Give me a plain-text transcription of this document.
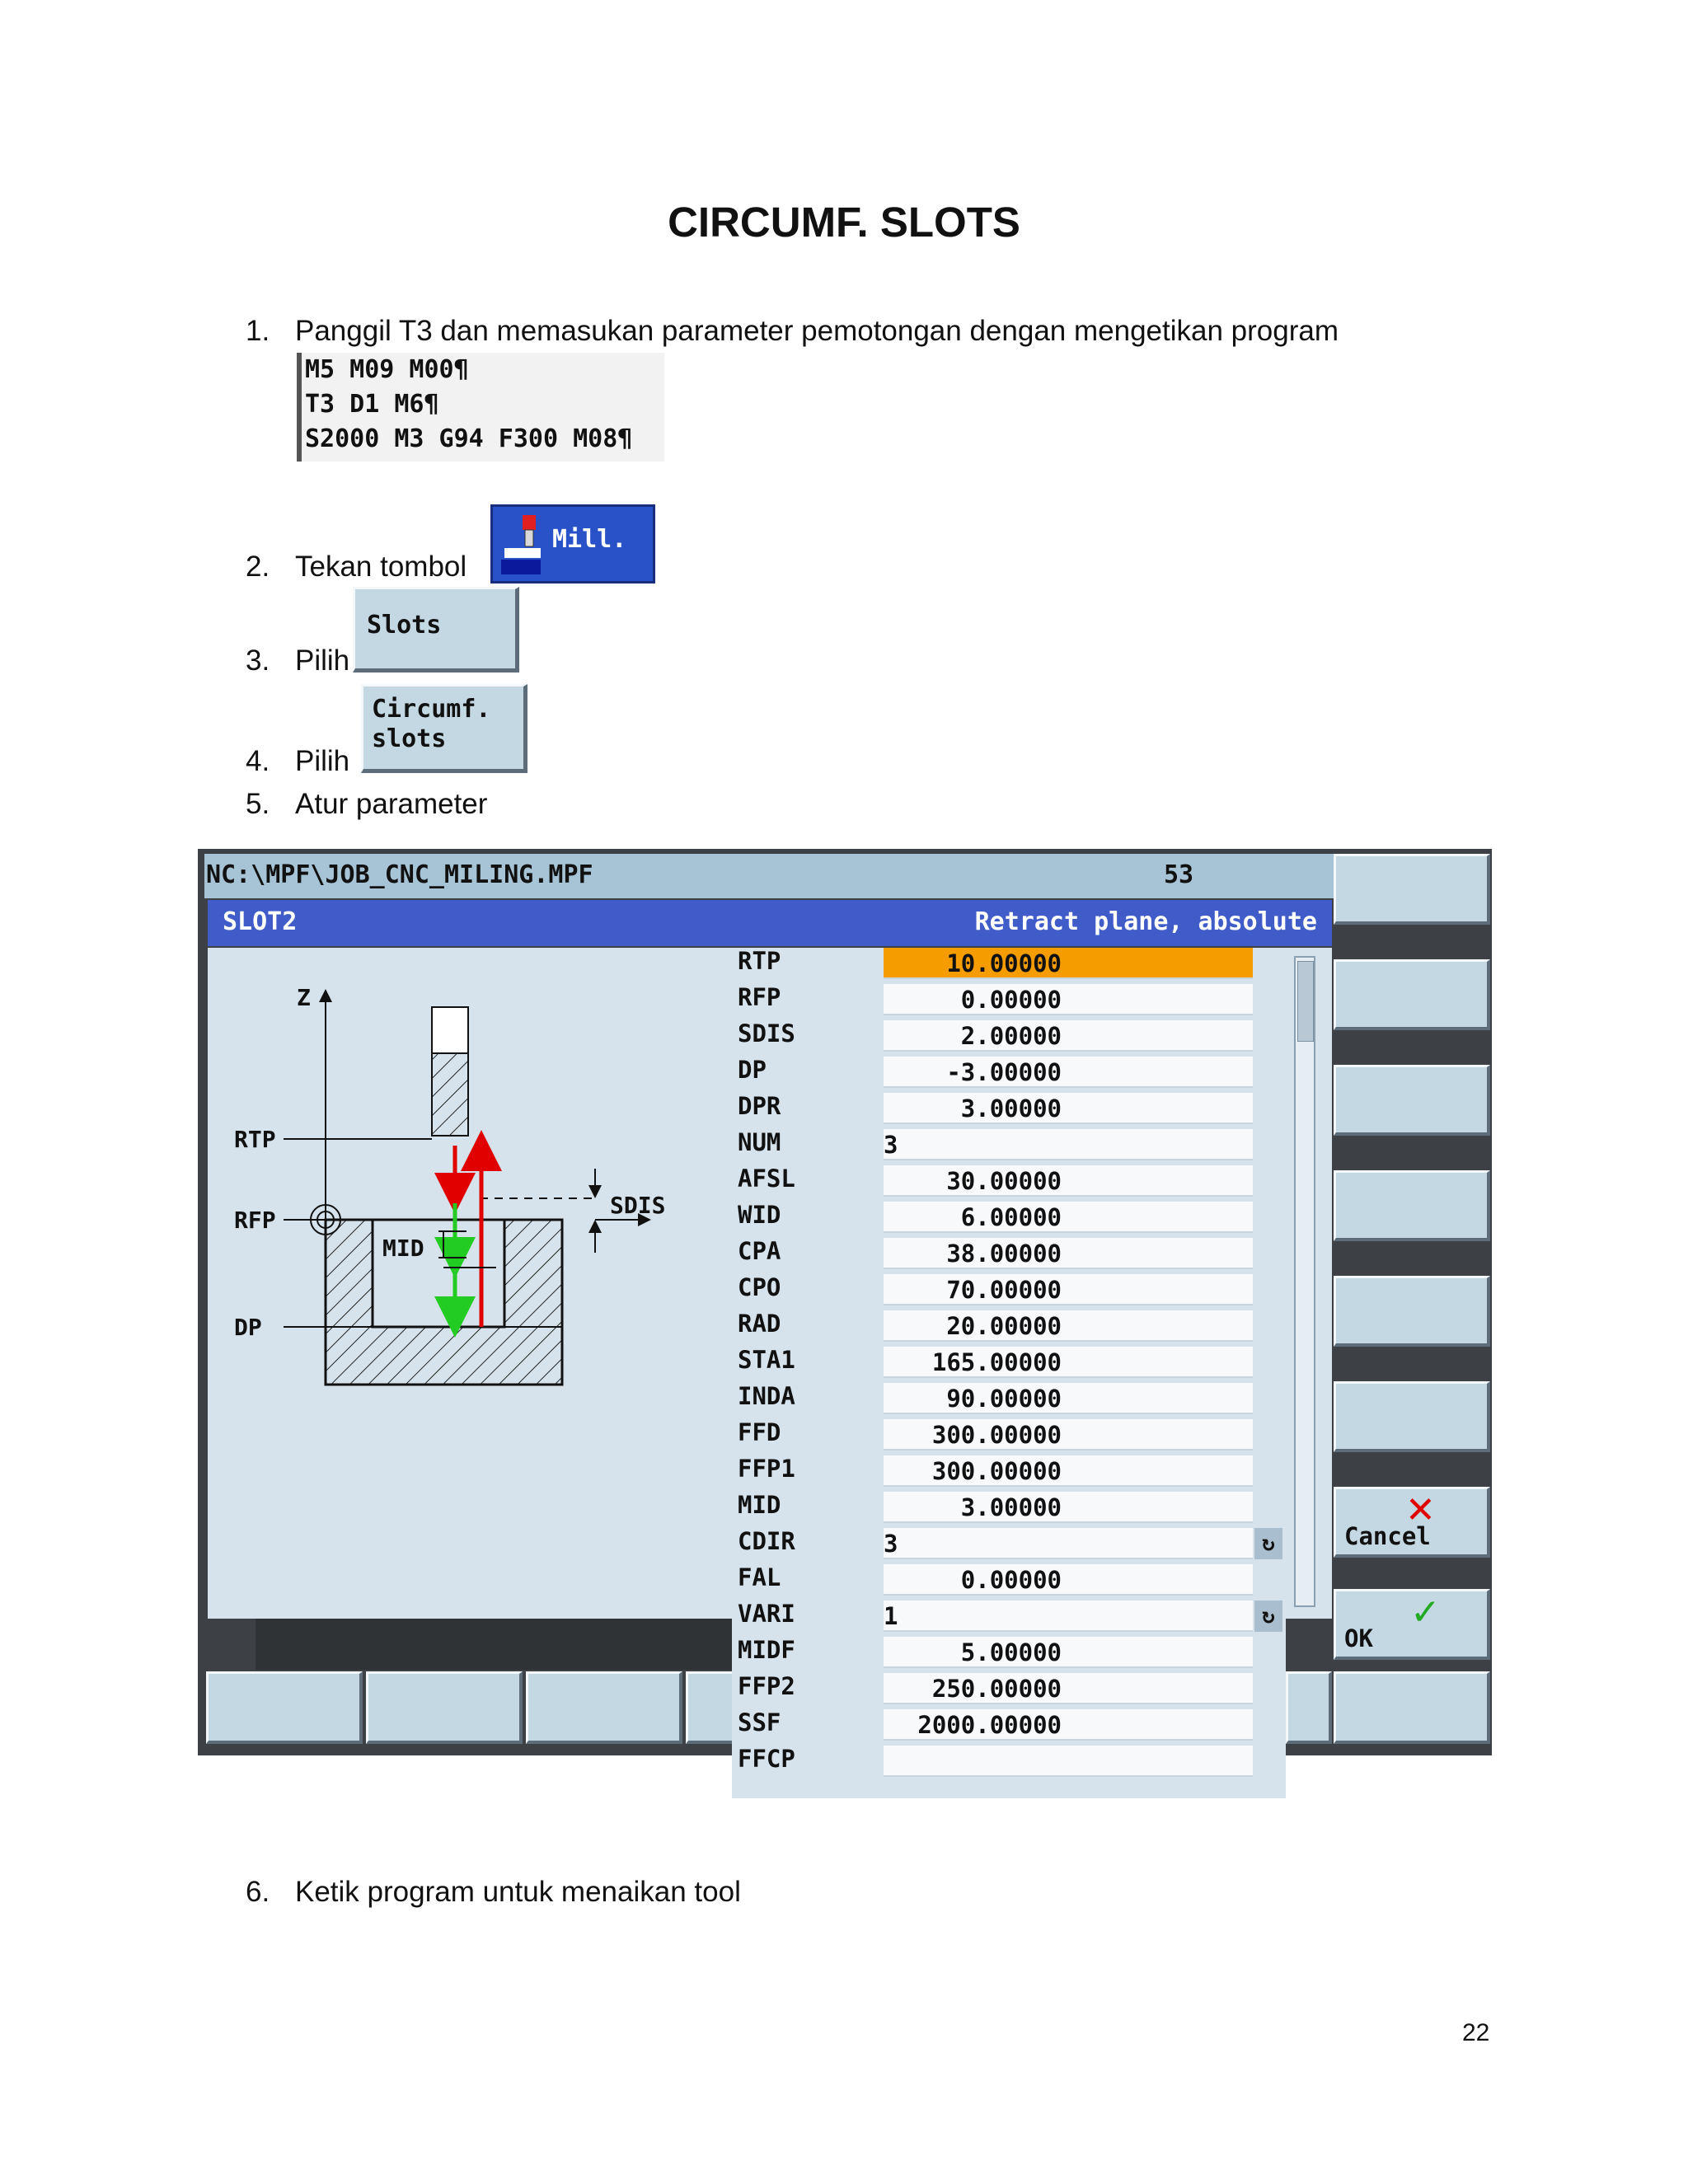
CIRCUMF. SLOTS
1. Panggil T3 dan memasukan parameter pemotongan dengan mengetikan program
M5 M09 M00¶
T3 D1 M6¶
S2000 M3 G94 F300 M08¶
2. Tekan tombol
Mill.
3. Pilih
Slots
4. Pilih
Circumf.
slots
5. Atur parameter
NC:\MPF\JOB_CNC_MILING.MPF	53
SLOT2	Retract plane, absolute
Z
RTP
RFP
DP
MID
SDIS
✕
Cancel
OK
✓
RTP	10.00000
RFP	0.00000
SDIS	2.00000
DP	-3.00000
DPR	3.00000
NUM	3
AFSL	30.00000
WID	6.00000
CPA	38.00000
CPO	70.00000
RAD	20.00000
STA1	165.00000
INDA	90.00000
FFD	300.00000
FFP1	300.00000
MID	3.00000
CDIR	3	↻
FAL	0.00000
VARI	1	↻
MIDF	5.00000
FFP2	250.00000
SSF	2000.00000
FFCP
6. Ketik program untuk menaikan tool
22
